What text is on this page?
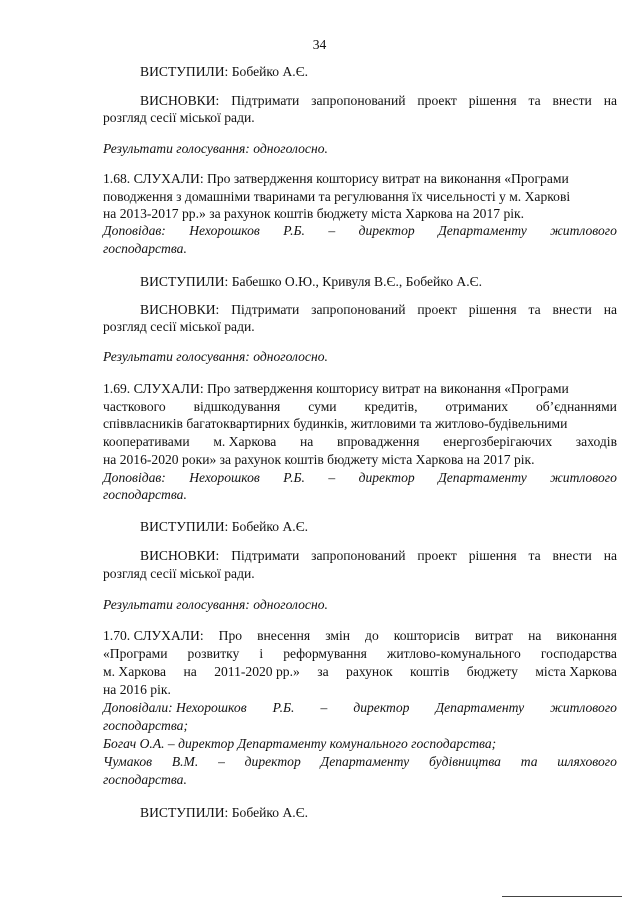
34
ВИСТУПИЛИ: Бобейко А.Є.
ВИСНОВКИ: Підтримати запропонований проект рішення та внести на
розгляд сесії міської ради.
Результати голосування: одноголосно.
1.68. СЛУХАЛИ: Про затвердження кошторису витрат на виконання «Програми
поводження з домашніми тваринами та регулювання їх чисельності у м. Харкові
на 2013-2017 рр.» за рахунок коштів бюджету міста Харкова на 2017 рік.
Доповідав: Нехорошков Р.Б. – директор Департаменту житлового
господарства.
ВИСТУПИЛИ: Бабешко О.Ю., Кривуля В.Є., Бобейко А.Є.
ВИСНОВКИ: Підтримати запропонований проект рішення та внести на
розгляд сесії міської ради.
Результати голосування: одноголосно.
1.69. СЛУХАЛИ: Про затвердження кошторису витрат на виконання «Програми
часткового відшкодування суми кредитів, отриманих об’єднаннями
співвласників багатоквартирних будинків, житловими та житлово-будівельними
кооперативами м. Харкова на впровадження енергозберігаючих заходів
на 2016-2020 роки» за рахунок коштів бюджету міста Харкова на 2017 рік.
Доповідав: Нехорошков Р.Б. – директор Департаменту житлового
господарства.
ВИСТУПИЛИ: Бобейко А.Є.
ВИСНОВКИ: Підтримати запропонований проект рішення та внести на
розгляд сесії міської ради.
Результати голосування: одноголосно.
1.70. СЛУХАЛИ: Про внесення змін до кошторисів витрат на виконання
«Програми розвитку і реформування житлово-комунального господарства
м. Харкова на 2011-2020 рр.» за рахунок коштів бюджету міста Харкова
на 2016 рік.
Доповідали: Нехорошков Р.Б. – директор Департаменту житлового
господарства;
Богач О.А. – директор Департаменту комунального господарства;
Чумаков В.М. – директор Департаменту будівництва та шляхового
господарства.
ВИСТУПИЛИ: Бобейко А.Є.
